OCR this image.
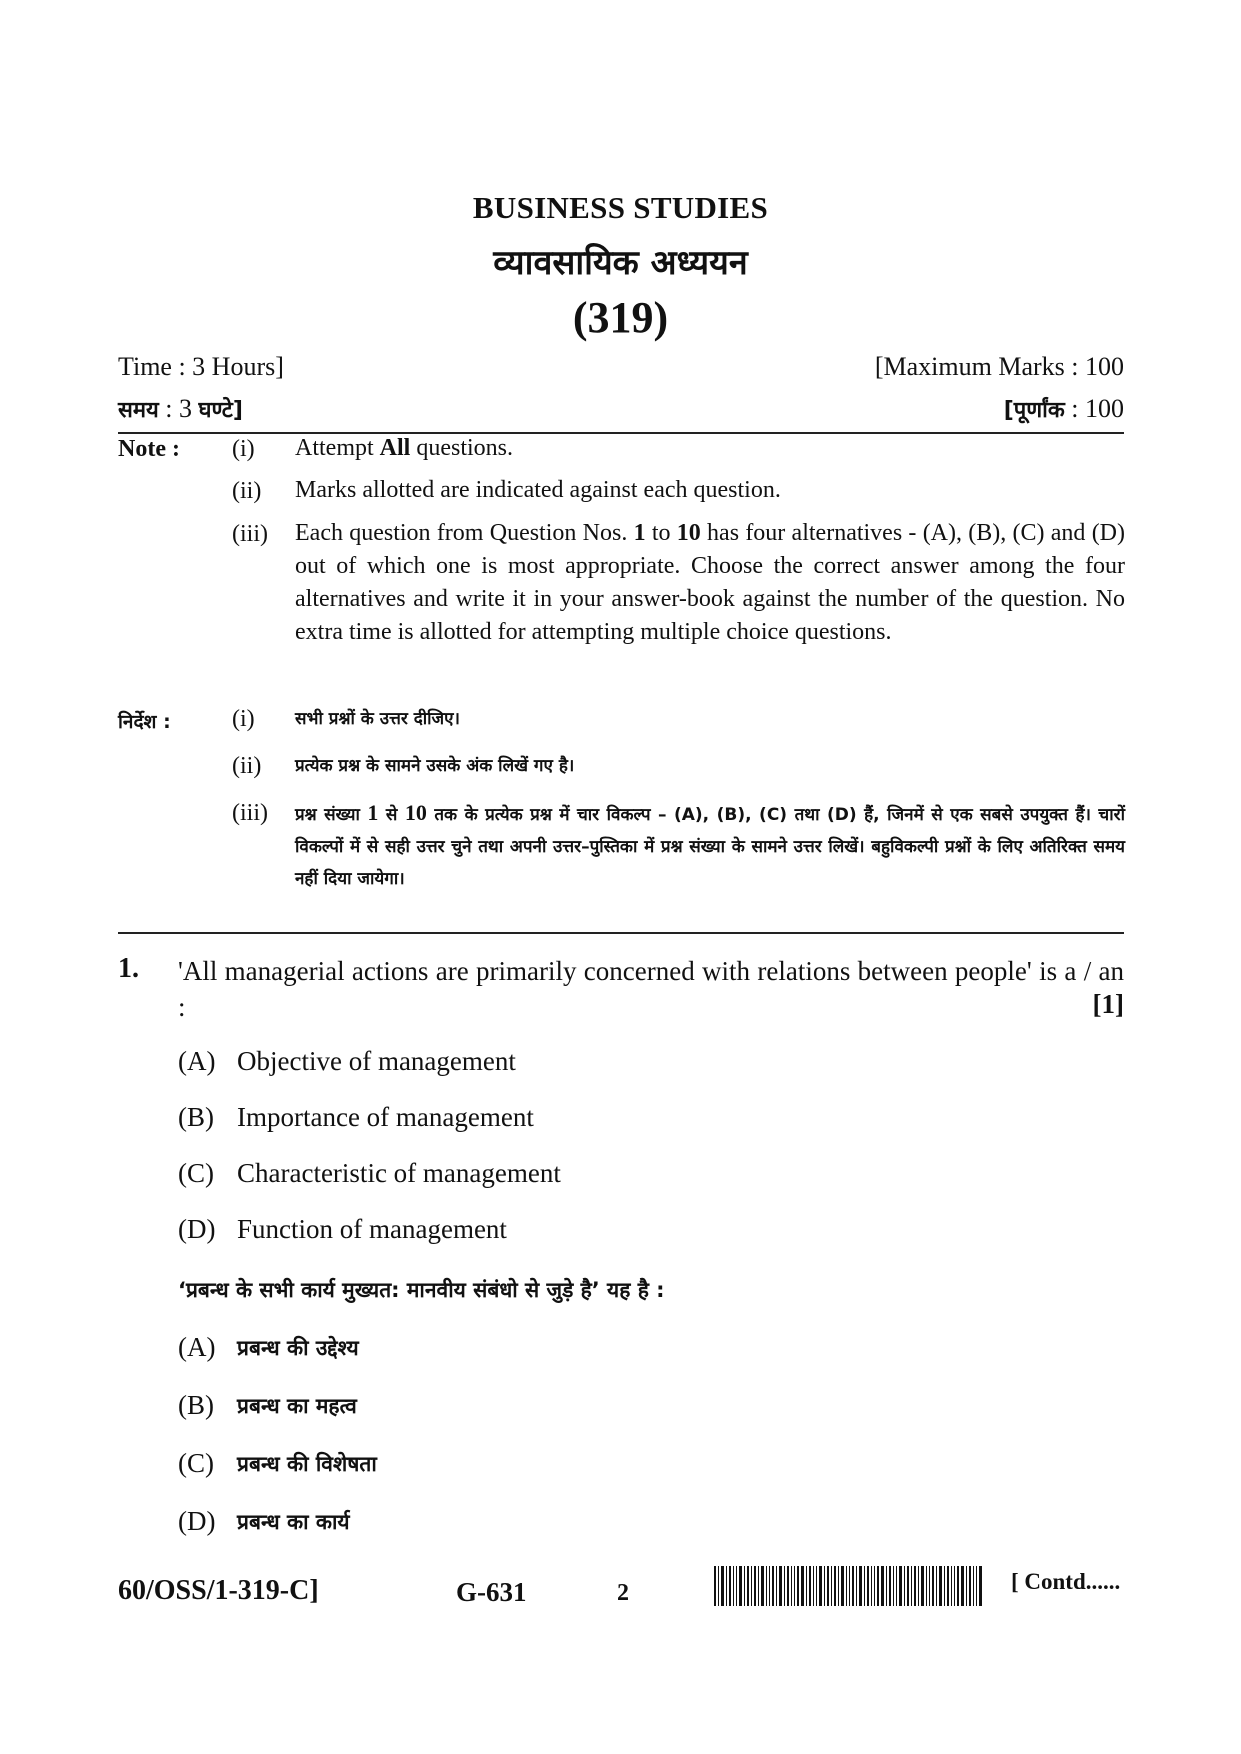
BUSINESS STUDIES
व्यावसायिक अध्ययन
(319)
Time : 3 Hours]	[Maximum Marks : 100
समय : 3 घण्टे]	[पूर्णांक : 100
Note : (i) Attempt All questions.
(ii) Marks allotted are indicated against each question.
(iii) Each question from Question Nos. 1 to 10 has four alternatives - (A), (B), (C) and (D) out of which one is most appropriate. Choose the correct answer among the four alternatives and write it in your answer-book against the number of the question. No extra time is allotted for attempting multiple choice questions.
निर्देश :	(i) सभी प्रश्नों के उत्तर दीजिए।
(ii) प्रत्येक प्रश्न के सामने उसके अंक लिखें गए है।
(iii) प्रश्न संख्या 1 से 10 तक के प्रत्येक प्रश्न में चार विकल्प – (A), (B), (C) तथा (D) हैं, जिनमें से एक सबसे उपयुक्त हैं। चारों विकल्पों में से सही उत्तर चुने तथा अपनी उत्तर–पुस्तिका में प्रश्न संख्या के सामने उत्तर लिखें। बहुविकल्पी प्रश्नों के लिए अतिरिक्त समय नहीं दिया जायेगा।
1. 'All managerial actions are primarily concerned with relations between people' is a / an :	[1]
(A) Objective of management
(B) Importance of management
(C) Characteristic of management
(D) Function of management
‘प्रबन्ध के सभी कार्य मुख्यत: मानवीय संबंधो से जुड़े है’ यह है :
(A) प्रबन्ध की उद्देश्य
(B) प्रबन्ध का महत्व
(C) प्रबन्ध की विशेषता
(D) प्रबन्ध का कार्य
60/OSS/1-319-C]	G-631	2	[ Contd......
